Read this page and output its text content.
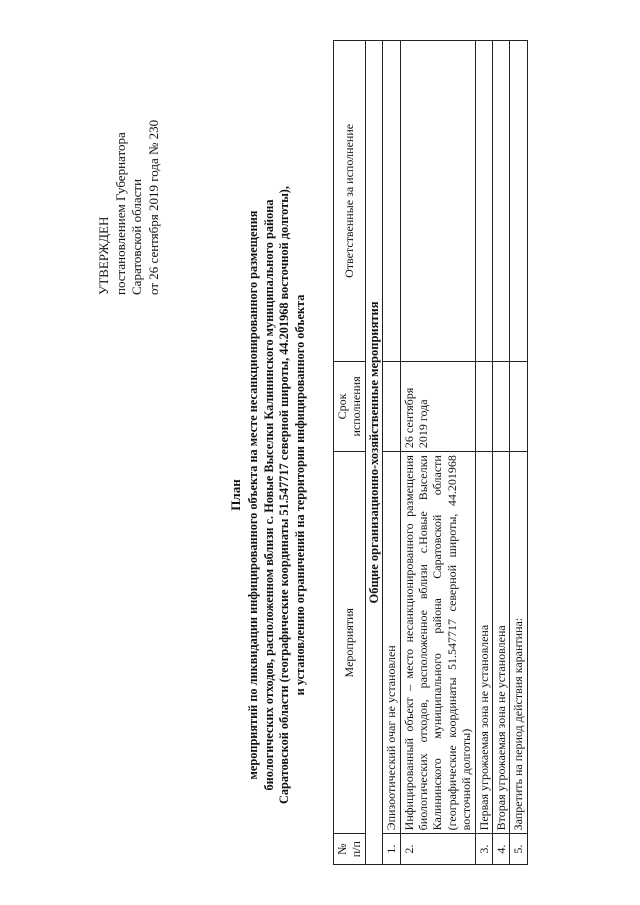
УТВЕРЖДЕН постановлением Губернатора Саратовской области от 26 сентября 2019 года № 230
План мероприятий по ликвидации инфицированного объекта на месте несанкционированного размещения биологических отходов, расположенном вблизи с. Новые Выселки Калининского муниципального района Саратовской области (географические координаты 51.547717 северной широты, 44.201968 восточной долготы), и установлению ограничений на территории инфицированного объекта
№ п/п	Мероприятия	Срок исполнения	Ответственные за исполнение
Общие организационно-хозяйственные мероприятия			
1.	Эпизоотический очаг не установлен		
2.	Инфицированный объект – место несанкционированного размещения биологических отходов, расположенное вблизи с.Новые Выселки Калининского муниципального района Саратовской области (географические координаты 51.547717 северной широты, 44.201968 восточной долготы)	26 сентября 2019 года	
3.	Первая угрожаемая зона не установлена		
4.	Вторая угрожаемая зона не установлена		
5.	Запретить на период действия карантина:		
